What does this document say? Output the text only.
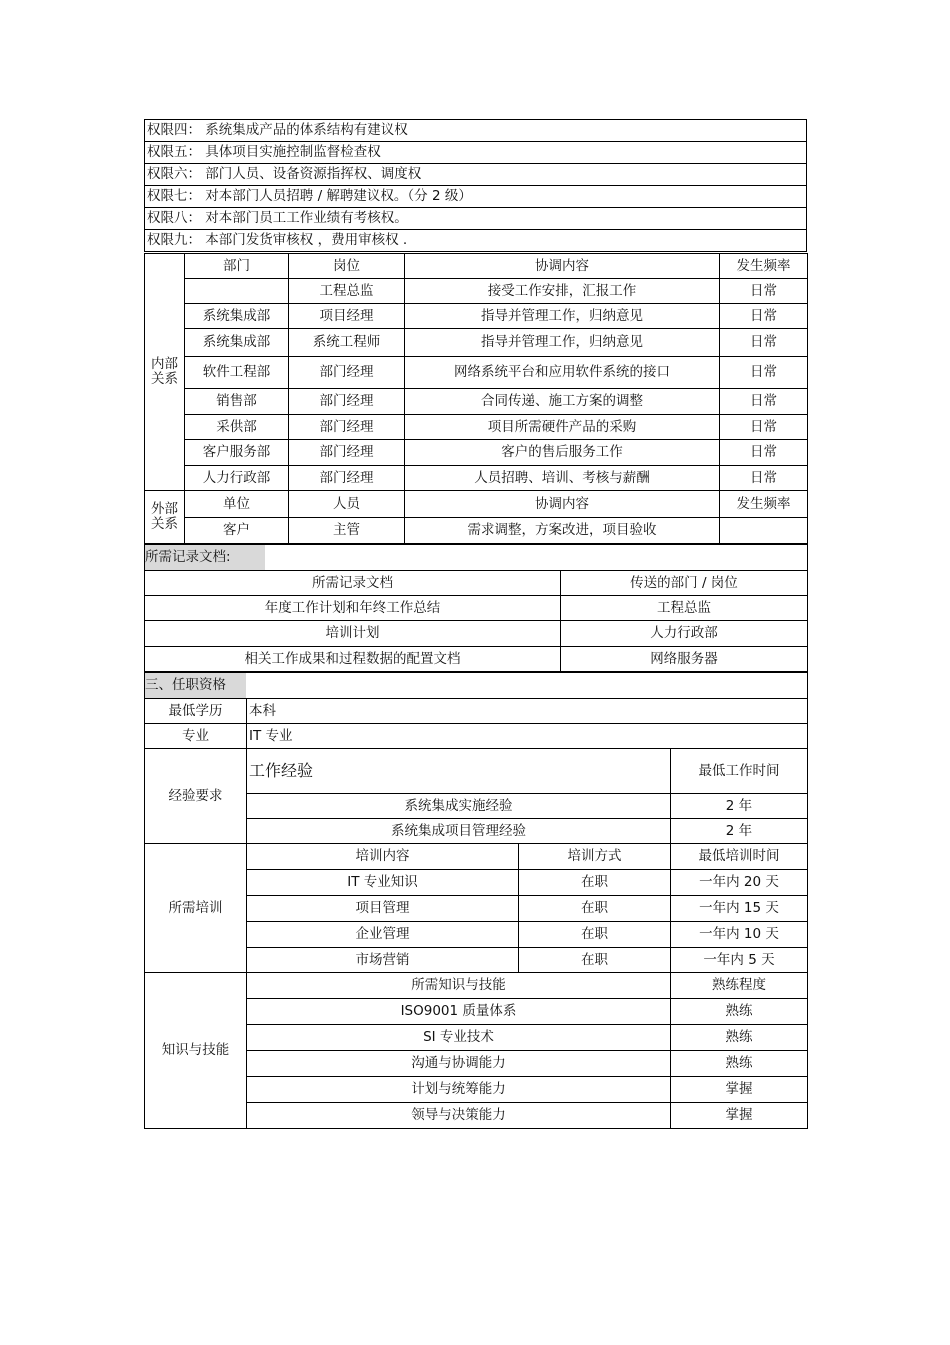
权限四： 系统集成产品的体系结构有建议权
权限五： 具体项目实施控制监督检查权
权限六： 部门人员、设备资源指挥权、调度权
权限七： 对本部门人员招聘 / 解聘建议权。（分 2 级）
权限八： 对本部门员工工作业绩有考核权。
权限九： 本部门发货审核权 ，费用审核权 .
内部关系	部门	岗位	协调内容	发生频率
		工程总监	接受工作安排，汇报工作	日常
	系统集成部	项目经理	指导并管理工作，归纳意见	日常
	系统集成部	系统工程师	指导并管理工作，归纳意见	日常
	软件工程部	部门经理	网络系统平台和应用软件系统的接口	日常
	销售部	部门经理	合同传递、施工方案的调整	日常
	采供部	部门经理	项目所需硬件产品的采购	日常
	客户服务部	部门经理	客户的售后服务工作	日常
	人力行政部	部门经理	人员招聘、培训、考核与薪酬	日常
外部关系	单位	人员	协调内容	发生频率
	客户	主管	需求调整，方案改进，项目验收	
所需记录文档:	
所需记录文档	传送的部门 / 岗位
年度工作计划和年终工作总结	工程总监
培训计划	人力行政部
相关工作成果和过程数据的配置文档	网络服务器
三、任职资格			
最低学历	本科		
专业	IT 专业		
经验要求	工作经验		最低工作时间
	系统集成实施经验		2 年
	系统集成项目管理经验		2 年
所需培训	培训内容	培训方式	最低培训时间
	IT 专业知识	在职	一年内 20 天
	项目管理	在职	一年内 15 天
	企业管理	在职	一年内 10 天
	市场营销	在职	一年内 5 天
知识与技能	所需知识与技能		熟练程度
	ISO9001 质量体系		熟练
	SI 专业技术		熟练
	沟通与协调能力		熟练
	计划与统筹能力		掌握
	领导与决策能力		掌握
